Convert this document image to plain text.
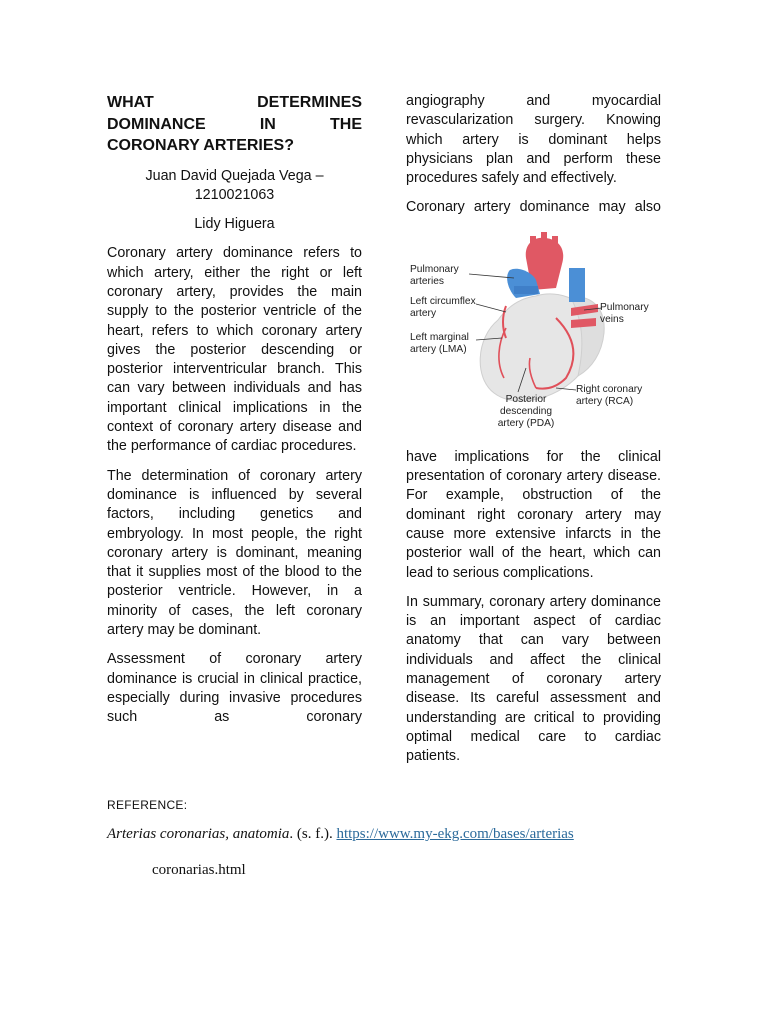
WHAT DETERMINES
DOMINANCE IN THE
CORONARY ARTERIES?

Juan David Quejada Vega – 1210021063

Lidy Higuera

Coronary artery dominance refers to which artery, either the right or left coronary artery, provides the main supply to the posterior ventricle of the heart, refers to which coronary artery gives the posterior descending or posterior interventricular branch. This can vary between individuals and has important clinical implications in the context of coronary artery disease and the performance of cardiac procedures.

The determination of coronary artery dominance is influenced by several factors, including genetics and embryology. In most people, the right coronary artery is dominant, meaning that it supplies most of the blood to the posterior ventricle. However, in a minority of cases, the left coronary artery may be dominant.

Assessment of coronary artery dominance is crucial in clinical practice, especially during invasive procedures such as coronary

angiography and myocardial revascularization surgery. Knowing which artery is dominant helps physicians plan and perform these procedures safely and effectively.

Coronary artery dominance may also

Pulmonary arteries
Left circumflex artery
Left marginal artery (LMA)
Pulmonary veins
Right coronary artery (RCA)
Posterior descending artery (PDA)

have implications for the clinical presentation of coronary artery disease. For example, obstruction of the dominant right coronary artery may cause more extensive infarcts in the posterior wall of the heart, which can lead to serious complications.

In summary, coronary artery dominance is an important aspect of cardiac anatomy that can vary between individuals and affect the clinical management of coronary artery disease. Its careful assessment and understanding are critical to providing optimal medical care to cardiac patients.

REFERENCE:
Arterias coronarias, anatomia. (s. f.). https://www.my-ekg.com/bases/arterias
coronarias.html
